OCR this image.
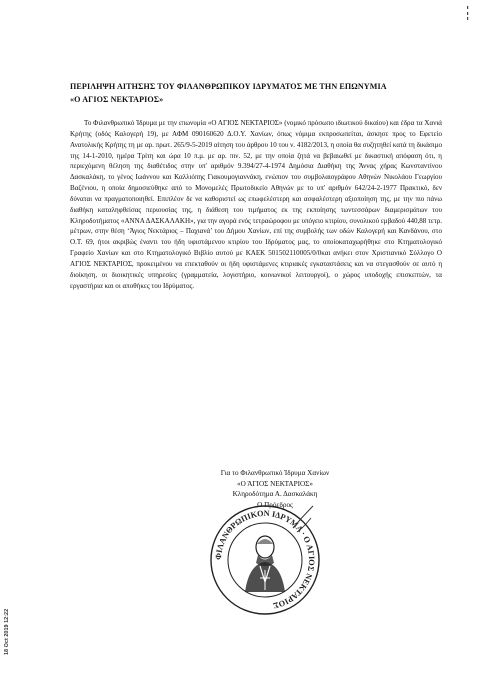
ΠΕΡΙΛΗΨΗ ΑΙΤΗΣΗΣ ΤΟΥ ΦΙΛΑΝΘΡΩΠΙΚΟΥ ΙΔΡΥΜΑΤΟΣ ΜΕ ΤΗΝ ΕΠΩΝΥΜΙΑ
«Ο ΑΓΙΟΣ ΝΕΚΤΑΡΙΟΣ»
Το Φιλανθρωπικό Ίδρυμα με την επωνυμία «Ο ΑΓΙΟΣ ΝΕΚΤΑΡΙΟΣ» (νομικό πρόσωπο ιδιωτικού δικαίου) και έδρα τα Χανιά Κρήτης (οδός Καλογερή 19), με ΑΦΜ 090160620 Δ.Ο.Υ. Χανίων, όπως νόμιμα εκπροσωπείται, άσκησε προς το Εφετείο Ανατολικής Κρήτης τη με αρ. πρωτ. 265/9-5-2019 αίτηση του άρθρου 10 του ν. 4182/2013, η οποία θα συζητηθεί κατά τη δικάσιμο της 14-1-2010, ημέρα Τρίτη και ώρα 10 π.μ. με αρ. πιν. 52, με την οποία ζητά να βεβαιωθεί με δικαστική απόφαση ότι, η περιεχόμενη θέληση της διαθέτιδος στην υπ' αριθμόν 9.394/27-4-1974 Δημόσια Διαθήκη της Άννας χήρας Κωνσταντίνου Δασκαλάκη, το γένος Ιωάννου και Καλλιόπης Γιακουμογιαννάκη, ενώπιον του συμβολαιογράφου Αθηνών Νικολάου Γεωργίου Βαζένιου, η οποία δημοσιεύθηκε από το Μονομελές Πρωτοδικείο Αθηνών με το υπ' αριθμόν 642/24-2-1977 Πρακτικό, δεν δύναται να πραγματοποιηθεί. Επιπλέον δε να καθοριστεί ως επωφελέστερη και ασφαλέστερη αξιοποίηση της, με την πιο πάνω διαθήκη καταληφθείσας περιουσίας της, η διάθεση του τιμήματος εκ της εκποίησης τωντεσσάρων διαμερισμάτων του Κληροδοτήματος «ΑΝΝΑ ΔΑΣΚΑΛΑΚΗ», για την αγορά ενός τετραώροφου με υπόγειο κτιρίου, συνολικού εμβαδού 440,88 τετρ. μέτρων, στην θέση ‘Άγιος Νεκτάριος – Παχιανά’ του Δήμου Χανίων, επί της συμβολής των οδών Καλογερή και Κανδάνου, στο Ο.Τ. 69, ήτοι ακριβώς έναντι του ήδη υφιστάμενου κτιρίου του Ιδρύματος μας, το οποίοκαταχωρήθηκε στο Κτηματολογικό Γραφείο Χανίων και στο Κτηματολογικό Βιβλίο αυτού με ΚΑΕΚ 501502110005/0/0και ανήκει στον Χριστιανικό Σύλλογο Ο ΑΓΙΟΣ ΝΕΚΤΑΡΙΟΣ, προκειμένου να επεκταθούν οι ήδη υφιστάμενες κτιριακές εγκαταστάσεις και να στεγασθούν σε αυτό η διοίκηση, οι διοικητικές υπηρεσίες (γραμματεία, λογιστήριο, κοινωνικοί λειτουργοί), ο χώρος υποδοχής επισκεπτών, τα εργαστήρια και οι αποθήκες του Ιδρύματος.
Για το Φιλανθρωπικό Ίδρυμα Χανίων
«Ο ΆΓΙΟΣ ΝΕΚΤΑΡΙΟΣ»
Κληροδότημα Α. Δασκαλάκη
Ο Πρόεδρος
ΦΙΛΑΝΘΡΩΠΙΚΟΝ ΙΔΡΥΜΑ · Ο ΑΓΙΟΣ ΝΕΚΤΑΡΙΟΣ
18 Oct 2019 12:22
